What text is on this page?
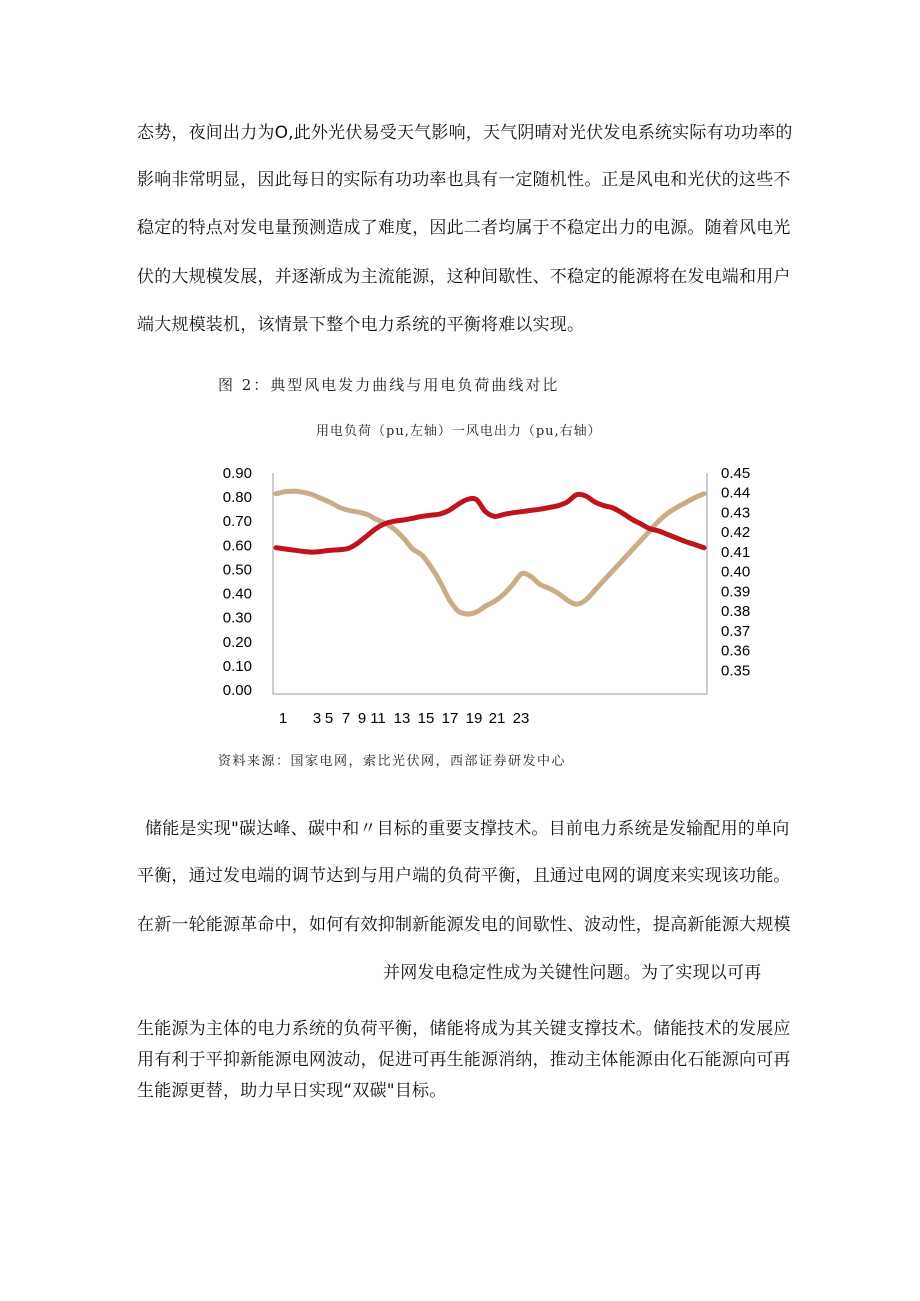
态势，夜间出力为O,此外光伏易受天气影响，天气阴晴对光伏发电系统实际有功功率的
影响非常明显，因此每日的实际有功功率也具有一定随机性。正是风电和光伏的这些不
稳定的特点对发电量预测造成了难度，因此二者均属于不稳定出力的电源。随着风电光
伏的大规模发展，并逐渐成为主流能源，这种间歇性、不稳定的能源将在发电端和用户
端大规模装机，该情景下整个电力系统的平衡将难以实现。
图 2：典型风电发力曲线与用电负荷曲线对比
用电负荷（pu,左轴）一风电出力（pu,右轴）
0.90
0.80
0.70
0.60
0.50
0.40
0.30
0.20
0.10
0.00
0.45
0.44
0.43
0.42
0.41
0.40
0.39
0.38
0.37
0.36
0.35
1 3 5 7 9 11 13 15 17 19 21 23
资料来源：国家电网，索比光伏网，西部证券研发中心
储能是实现"碳达峰、碳中和〃目标的重要支撑技术。目前电力系统是发输配用的单向
平衡，通过发电端的调节达到与用户端的负荷平衡，且通过电网的调度来实现该功能。
在新一轮能源革命中，如何有效抑制新能源发电的间歇性、波动性，提高新能源大规模
并网发电稳定性成为关键性问题。为了实现以可再
生能源为主体的电力系统的负荷平衡，储能将成为其关键支撑技术。储能技术的发展应
用有利于平抑新能源电网波动，促进可再生能源消纳，推动主体能源由化石能源向可再
生能源更替，助力早日实现“双碳"目标。
